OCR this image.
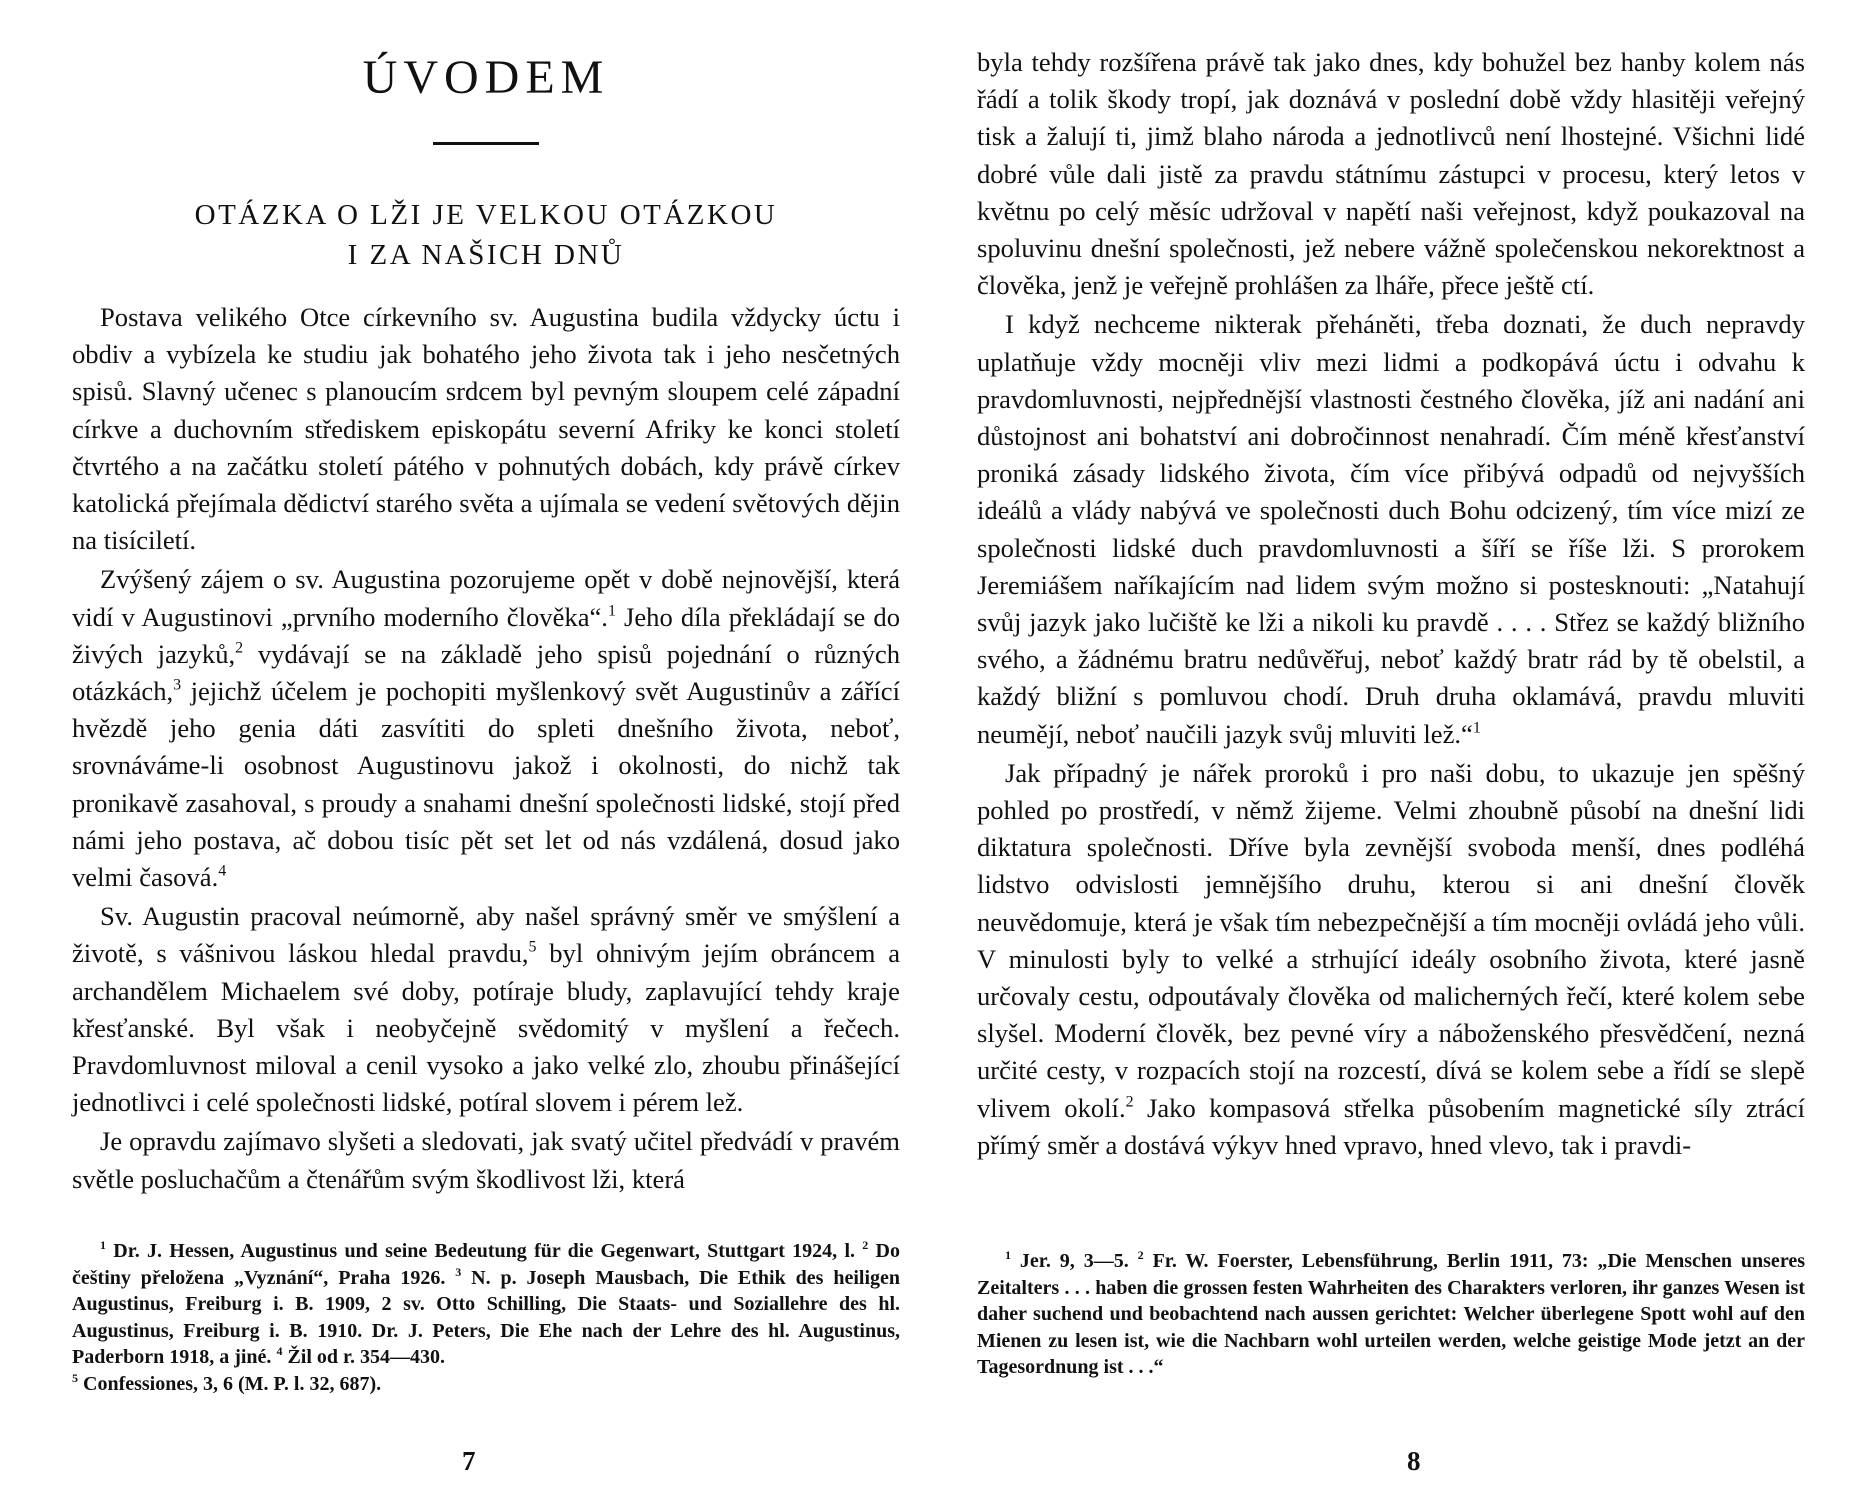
ÚVODEM
OTÁZKA O LŽI JE VELKOU OTÁZKOU
I ZA NAŠICH DNŮ

Postava velikého Otce církevního sv. Augustina budila vždycky úctu i obdiv a vybízela ke studiu jak bohatého jeho života tak i jeho nesčetných spisů. Slavný učenec s planoucím srdcem byl pevným sloupem celé západní církve a duchovním střediskem episkopátu severní Afriky ke konci století čtvrtého a na začátku století pátého v pohnutých dobách, kdy právě církev katolická přejímala dědictví starého světa a ujímala se vedení světových dějin na tisíciletí.

Zvýšený zájem o sv. Augustina pozorujeme opět v době nejnovější, která vidí v Augustinovi „prvního moderního člověka“.$^1$ Jeho díla překládají se do živých jazyků,$^2$ vydávají se na základě jeho spisů pojednání o různých otázkách,$^3$ jejichž účelem je pochopiti myšlenkový svět Augustinův a zářící hvězdě jeho genia dáti zasvítiti do spleti dnešního života, neboť, srovnáváme-li osobnost Augustinovu jakož i okolnosti, do nichž tak pronikavě zasahoval, s proudy a snahami dnešní společnosti lidské, stojí před námi jeho postava, ač dobou tisíc pět set let od nás vzdálená, dosud jako velmi časová.$^4$

Sv. Augustin pracoval neúmorně, aby našel správný směr ve smýšlení a životě, s vášnivou láskou hledal pravdu,$^5$ byl ohnivým jejím obráncem a archandělem Michaelem své doby, potíraje bludy, zaplavující tehdy kraje křesťanské. Byl však i neobyčejně svědomitý v myšlení a řečech. Pravdomluvnost miloval a cenil vysoko a jako velké zlo, zhoubu přinášející jednotlivci i celé společnosti lidské, potíral slovem i pérem lež.

Je opravdu zajímavo slyšeti a sledovati, jak svatý učitel předvádí v pravém světle posluchačům a čtenářům svým škodlivost lži, která

$^1$ Dr. J. Hessen, Augustinus und seine Bedeutung für die Gegenwart, Stuttgart 1924, l. $^2$ Do češtiny přeložena „Vyznání“, Praha 1926. $^3$ N. p. Joseph Mausbach, Die Ethik des heiligen Augustinus, Freiburg i. B. 1909, 2 sv. Otto Schilling, Die Staats- und Soziallehre des hl. Augustinus, Freiburg i. B. 1910. Dr. J. Peters, Die Ehe nach der Lehre des hl. Augustinus, Paderborn 1918, a jiné. $^4$ Žil od r. 354—430.
$^5$ Confessiones, 3, 6 (M. P. l. 32, 687).

7

byla tehdy rozšířena právě tak jako dnes, kdy bohužel bez hanby kolem nás řádí a tolik škody tropí, jak doznává v poslední době vždy hlasitěji veřejný tisk a žalují ti, jimž blaho národa a jednotlivců není lhostejné. Všichni lidé dobré vůle dali jistě za pravdu státnímu zástupci v procesu, který letos v květnu po celý měsíc udržoval v napětí naši veřejnost, když poukazoval na spoluvinu dnešní společnosti, jež nebere vážně společenskou nekorektnost a člověka, jenž je veřejně prohlášen za lháře, přece ještě ctí.

I když nechceme nikterak přeháněti, třeba doznati, že duch nepravdy uplatňuje vždy mocněji vliv mezi lidmi a podkopává úctu i odvahu k pravdomluvnosti, nejpřednější vlastnosti čestného člověka, jíž ani nadání ani důstojnost ani bohatství ani dobročinnost nenahradí. Čím méně křesťanství proniká zásady lidského života, čím více přibývá odpadů od nejvyšších ideálů a vlády nabývá ve společnosti duch Bohu odcizený, tím více mizí ze společnosti lidské duch pravdomluvnosti a šíří se říše lži. S prorokem Jeremiášem naříkajícím nad lidem svým možno si postesknouti: „Natahují svůj jazyk jako lučiště ke lži a nikoli ku pravdě . . . . Střez se každý bližního svého, a žádnému bratru nedůvěřuj, neboť každý bratr rád by tě obelstil, a každý bližní s pomluvou chodí. Druh druha oklamává, pravdu mluviti neumějí, neboť naučili jazyk svůj mluviti lež.“$^1$

Jak případný je nářek proroků i pro naši dobu, to ukazuje jen spěšný pohled po prostředí, v němž žijeme. Velmi zhoubně působí na dnešní lidi diktatura společnosti. Dříve byla zevnější svoboda menší, dnes podléhá lidstvo odvislosti jemnějšího druhu, kterou si ani dnešní člověk neuvědomuje, která je však tím nebezpečnější a tím mocněji ovládá jeho vůli. V minulosti byly to velké a strhující ideály osobního života, které jasně určovaly cestu, odpoutávaly člověka od malicherných řečí, které kolem sebe slyšel. Moderní člověk, bez pevné víry a náboženského přesvědčení, nezná určité cesty, v rozpacích stojí na rozcestí, dívá se kolem sebe a řídí se slepě vlivem okolí.$^2$ Jako kompasová střelka působením magnetické síly ztrácí přímý směr a dostává výkyv hned vpravo, hned vlevo, tak i pravdi-

$^1$ Jer. 9, 3—5. $^2$ Fr. W. Foerster, Lebensführung, Berlin 1911, 73: „Die Menschen unseres Zeitalters . . . haben die grossen festen Wahrheiten des Charakters verloren, ihr ganzes Wesen ist daher suchend und beobachtend nach aussen gerichtet: Welcher überlegene Spott wohl auf den Mienen zu lesen ist, wie die Nachbarn wohl urteilen werden, welche geistige Mode jetzt an der Tagesordnung ist . . .“

8
